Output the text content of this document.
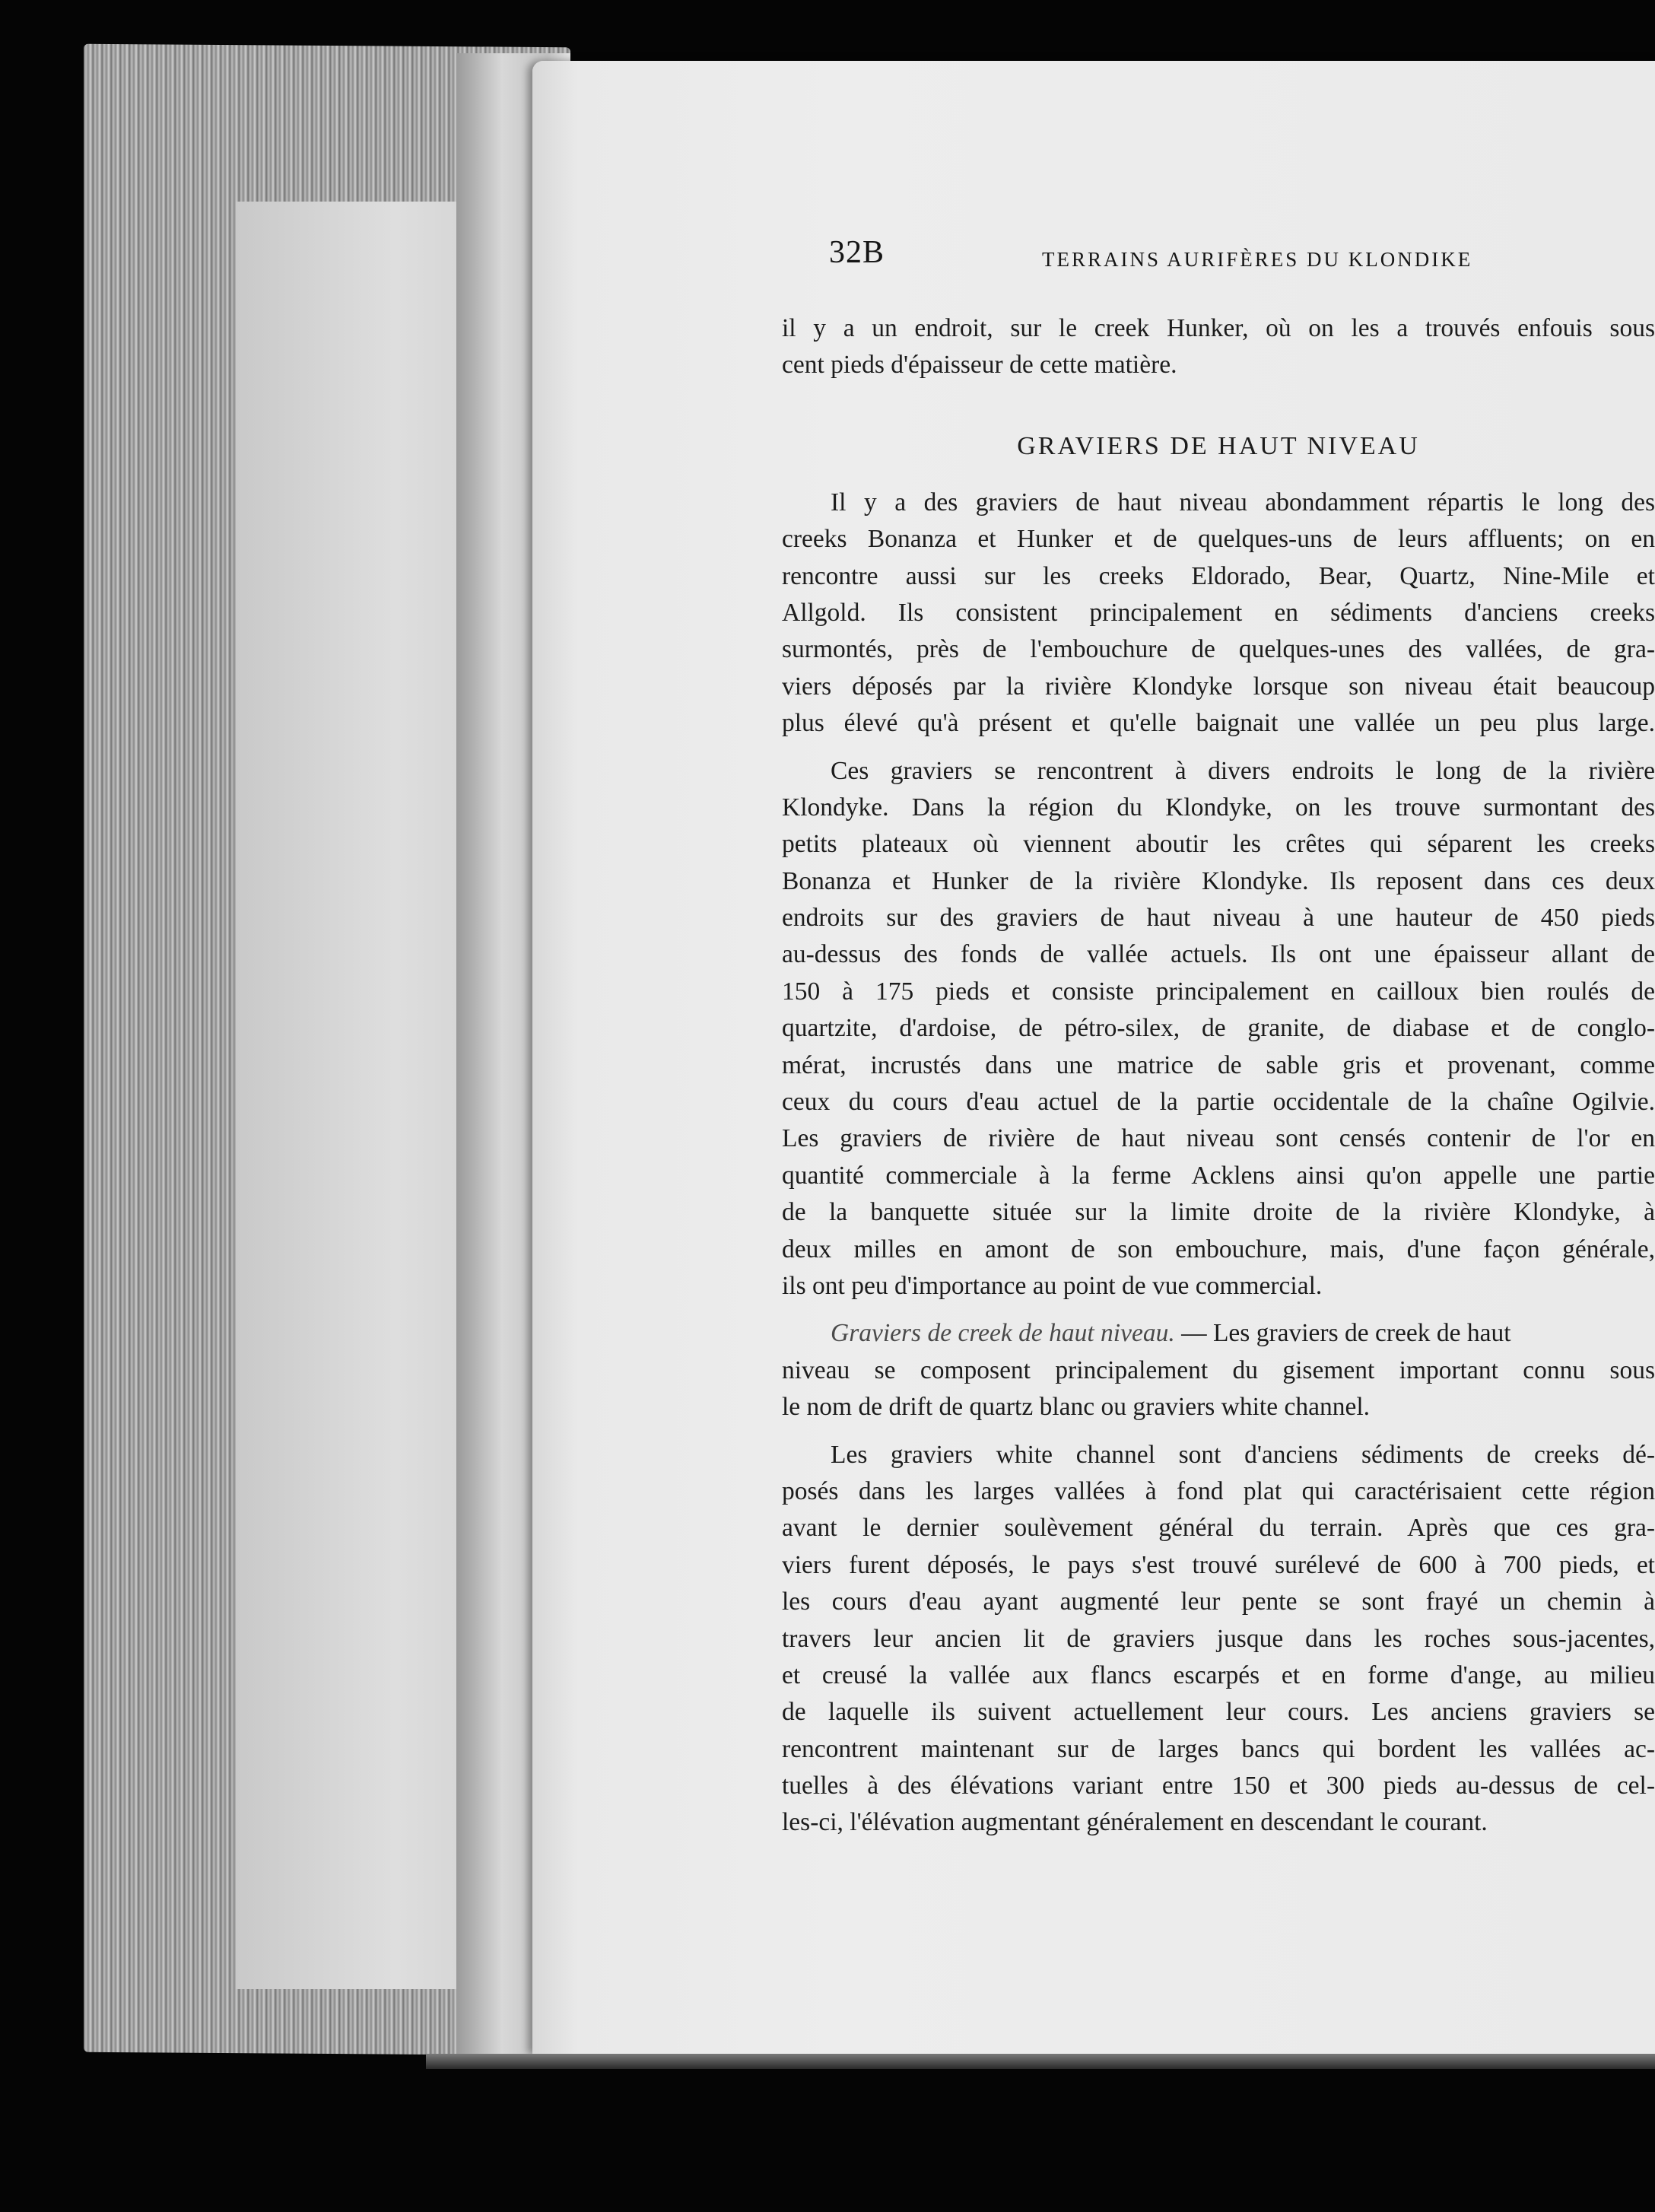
32B	TERRAINS AURIFÈRES DU KLONDIKE
il y a un endroit, sur le creek Hunker, où on les a trouvés enfouis sous
cent pieds d'épaisseur de cette matière.
GRAVIERS DE HAUT NIVEAU
Il y a des graviers de haut niveau abondamment répartis le long des
creeks Bonanza et Hunker et de quelques-uns de leurs affluents; on en
rencontre aussi sur les creeks Eldorado, Bear, Quartz, Nine-Mile et
Allgold. Ils consistent principalement en sédiments d'anciens creeks
surmontés, près de l'embouchure de quelques-unes des vallées, de gra-
viers déposés par la rivière Klondyke lorsque son niveau était beaucoup
plus élevé qu'à présent et qu'elle baignait une vallée un peu plus large.
Ces graviers se rencontrent à divers endroits le long de la rivière
Klondyke. Dans la région du Klondyke, on les trouve surmontant des
petits plateaux où viennent aboutir les crêtes qui séparent les creeks
Bonanza et Hunker de la rivière Klondyke. Ils reposent dans ces deux
endroits sur des graviers de haut niveau à une hauteur de 450 pieds
au-dessus des fonds de vallée actuels. Ils ont une épaisseur allant de
150 à 175 pieds et consiste principalement en cailloux bien roulés de
quartzite, d'ardoise, de pétro-silex, de granite, de diabase et de conglo-
mérat, incrustés dans une matrice de sable gris et provenant, comme
ceux du cours d'eau actuel de la partie occidentale de la chaîne Ogilvie.
Les graviers de rivière de haut niveau sont censés contenir de l'or en
quantité commerciale à la ferme Acklens ainsi qu'on appelle une partie
de la banquette située sur la limite droite de la rivière Klondyke, à
deux milles en amont de son embouchure, mais, d'une façon générale,
ils ont peu d'importance au point de vue commercial.
Graviers de creek de haut niveau. — Les graviers de creek de haut
niveau se composent principalement du gisement important connu sous
le nom de drift de quartz blanc ou graviers white channel.
Les graviers white channel sont d'anciens sédiments de creeks dé-
posés dans les larges vallées à fond plat qui caractérisaient cette région
avant le dernier soulèvement général du terrain. Après que ces gra-
viers furent déposés, le pays s'est trouvé surélevé de 600 à 700 pieds, et
les cours d'eau ayant augmenté leur pente se sont frayé un chemin à
travers leur ancien lit de graviers jusque dans les roches sous-jacentes,
et creusé la vallée aux flancs escarpés et en forme d'ange, au milieu
de laquelle ils suivent actuellement leur cours. Les anciens graviers se
rencontrent maintenant sur de larges bancs qui bordent les vallées ac-
tuelles à des élévations variant entre 150 et 300 pieds au-dessus de cel-
les-ci, l'élévation augmentant généralement en descendant le courant.
